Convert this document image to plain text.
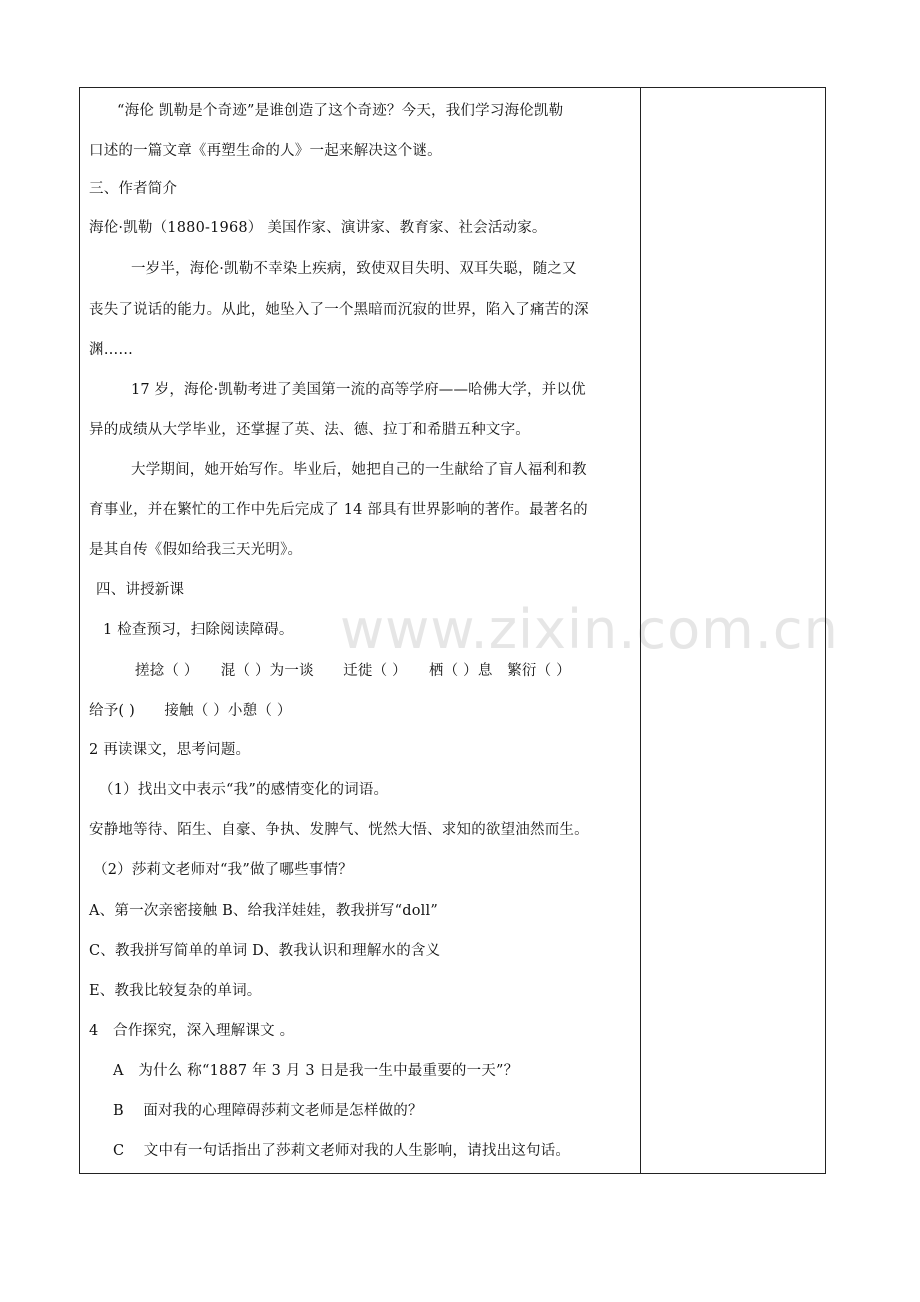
www.zixin.com.cn
“海伦 凯勒是个奇迹”是谁创造了这个奇迹？今天，我们学习海伦凯勒
口述的一篇文章《再塑生命的人》一起来解决这个谜。
三、作者简介
海伦·凯勒（1880-1968） 美国作家、演讲家、教育家、社会活动家。
一岁半，海伦·凯勒不幸染上疾病，致使双目失明、双耳失聪，随之又
丧失了说话的能力。从此，她坠入了一个黑暗而沉寂的世界，陷入了痛苦的深
渊……
17 岁，海伦·凯勒考进了美国第一流的高等学府——哈佛大学，并以优
异的成绩从大学毕业，还掌握了英、法、德、拉丁和希腊五种文字。
大学期间，她开始写作。毕业后，她把自己的一生献给了盲人福利和教
育事业，并在繁忙的工作中先后完成了 14 部具有世界影响的著作。最著名的
是其自传《假如给我三天光明》。
四、讲授新课
1 检查预习，扫除阅读障碍。
搓捻（ ）　　混（ ）为一谈　　迁徙（ ）　　栖（ ）息　繁衍（ ）
给予( )　　接触（ ）小憩（ ）
2 再读课文，思考问题。
（1）找出文中表示“我”的感情变化的词语。
安静地等待、陌生、自豪、争执、发脾气、恍然大悟、求知的欲望油然而生。
（2）莎莉文老师对“我”做了哪些事情？
A、第一次亲密接触 B、给我洋娃娃，教我拼写“doll”
C、教我拼写简单的单词 D、教我认识和理解水的含义
E、教我比较复杂的单词。
4　合作探究，深入理解课文 。
A　为什么 称“1887 年 3 月 3 日是我一生中最重要的一天”？
B　 面对我的心理障碍莎莉文老师是怎样做的？
C　 文中有一句话指出了莎莉文老师对我的人生影响，请找出这句话。
